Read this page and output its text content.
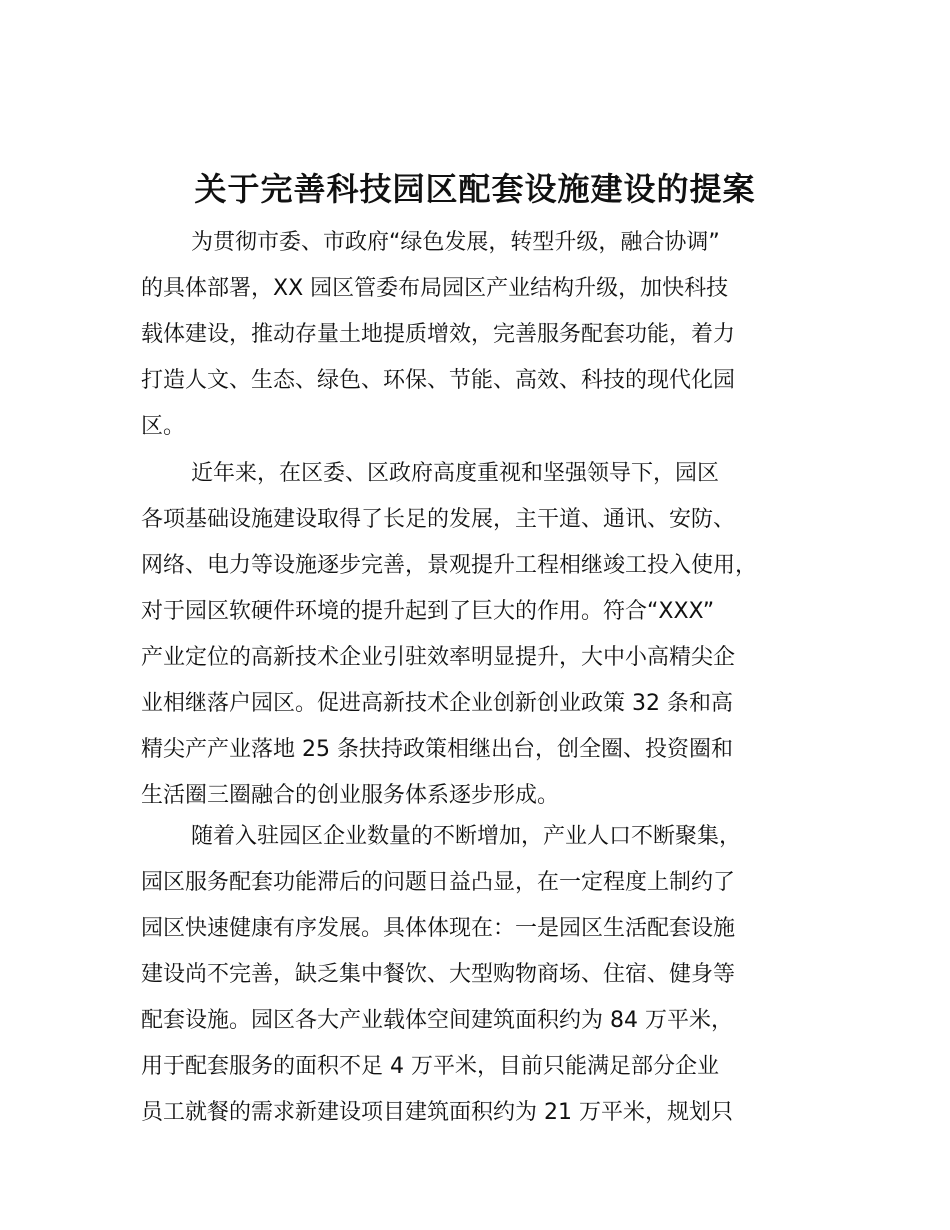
关于完善科技园区配套设施建设的提案
为贯彻市委、市政府“绿色发展，转型升级，融合协调”
的具体部署，XX 园区管委布局园区产业结构升级，加快科技
载体建设，推动存量土地提质增效，完善服务配套功能，着力
打造人文、生态、绿色、环保、节能、高效、科技的现代化园
区。
近年来，在区委、区政府高度重视和坚强领导下，园区
各项基础设施建设取得了长足的发展，主干道、通讯、安防、
网络、电力等设施逐步完善，景观提升工程相继竣工投入使用，
对于园区软硬件环境的提升起到了巨大的作用。符合“XXX”
产业定位的高新技术企业引驻效率明显提升，大中小高精尖企
业相继落户园区。促进高新技术企业创新创业政策 32 条和高
精尖产产业落地 25 条扶持政策相继出台，创全圈、投资圈和
生活圈三圈融合的创业服务体系逐步形成。
随着入驻园区企业数量的不断增加，产业人口不断聚集，
园区服务配套功能滞后的问题日益凸显，在一定程度上制约了
园区快速健康有序发展。具体体现在：一是园区生活配套设施
建设尚不完善，缺乏集中餐饮、大型购物商场、住宿、健身等
配套设施。园区各大产业载体空间建筑面积约为 84 万平米，
用于配套服务的面积不足 4 万平米，目前只能满足部分企业
员工就餐的需求新建设项目建筑面积约为 21 万平米，规划只
